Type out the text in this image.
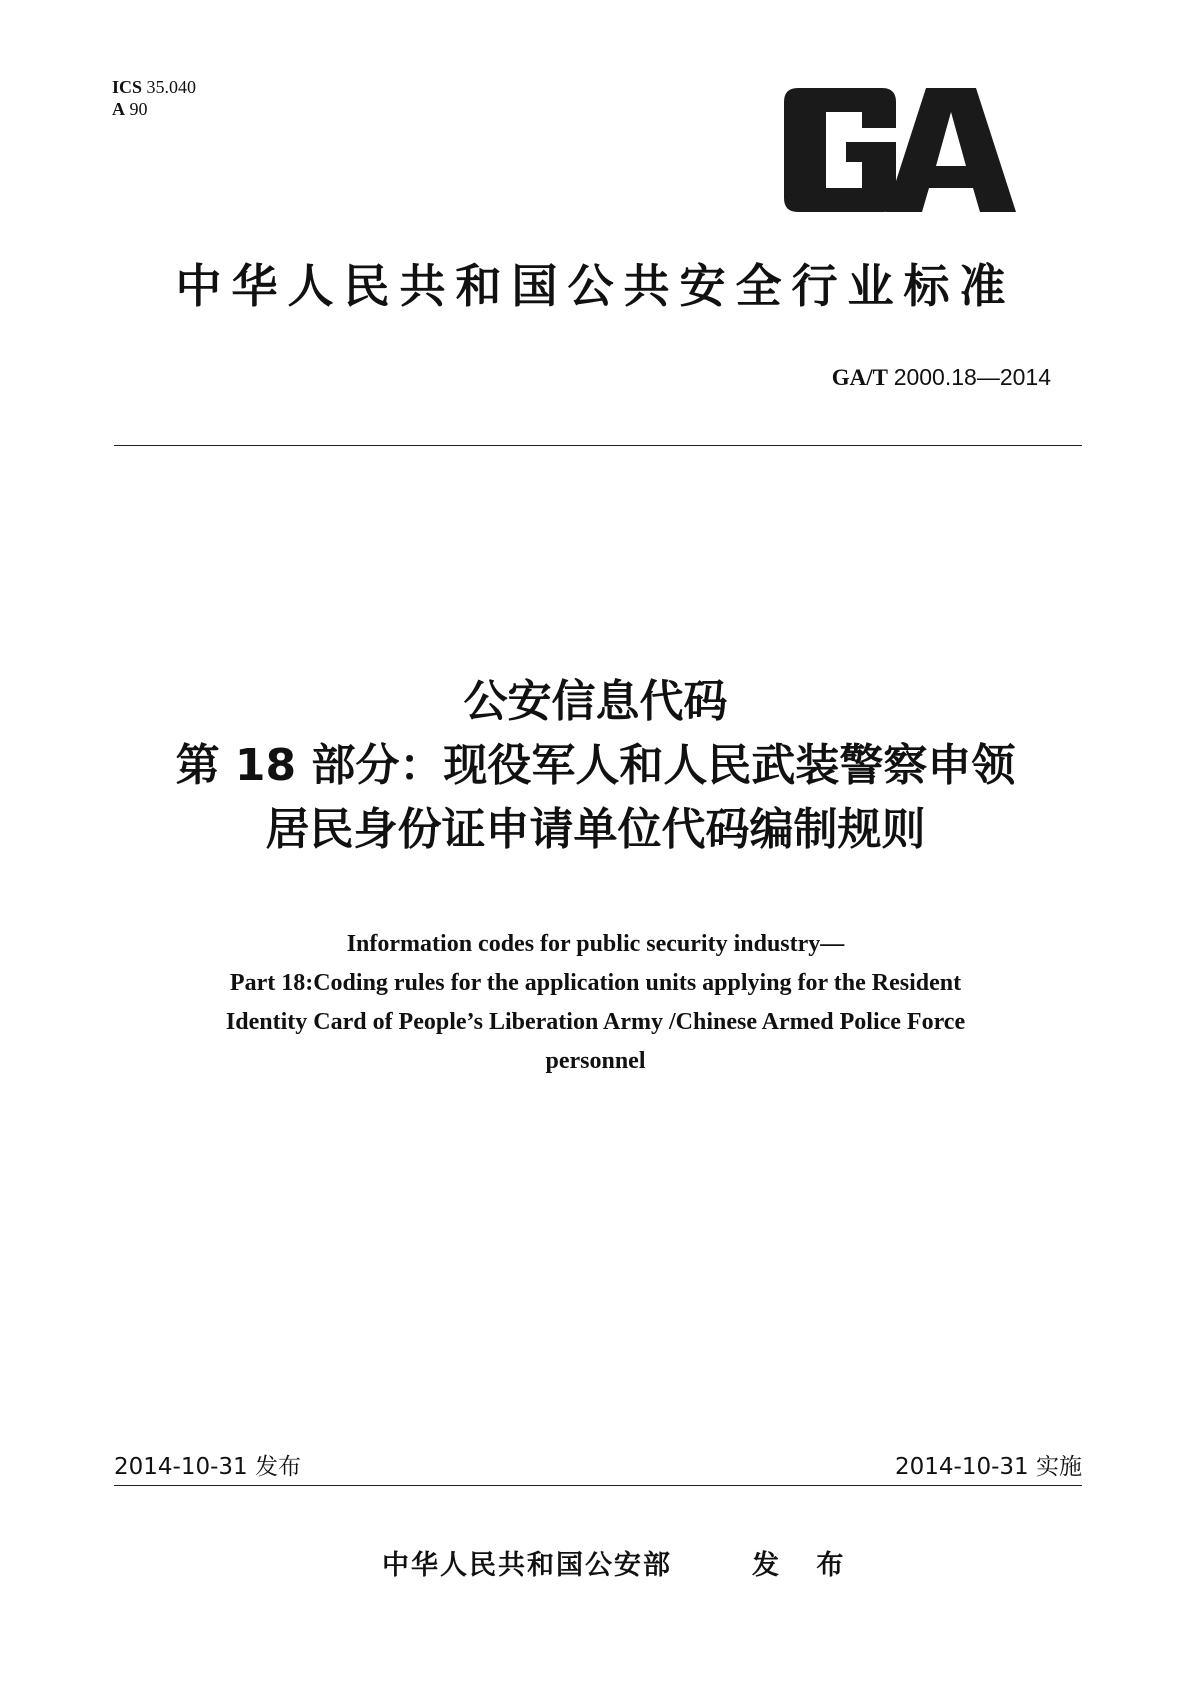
ICS 35.040
A 90
中华人民共和国公共安全行业标准
GA/T 2000.18—2014
公安信息代码
第 18 部分：现役军人和人民武装警察申领
居民身份证申请单位代码编制规则
Information codes for public security industry—
Part 18:Coding rules for the application units applying for the Resident
Identity Card of People’s Liberation Army /Chinese Armed Police Force
personnel
2014-10-31 发布	2014-10-31 实施
中华人民共和国公安部	发 布
